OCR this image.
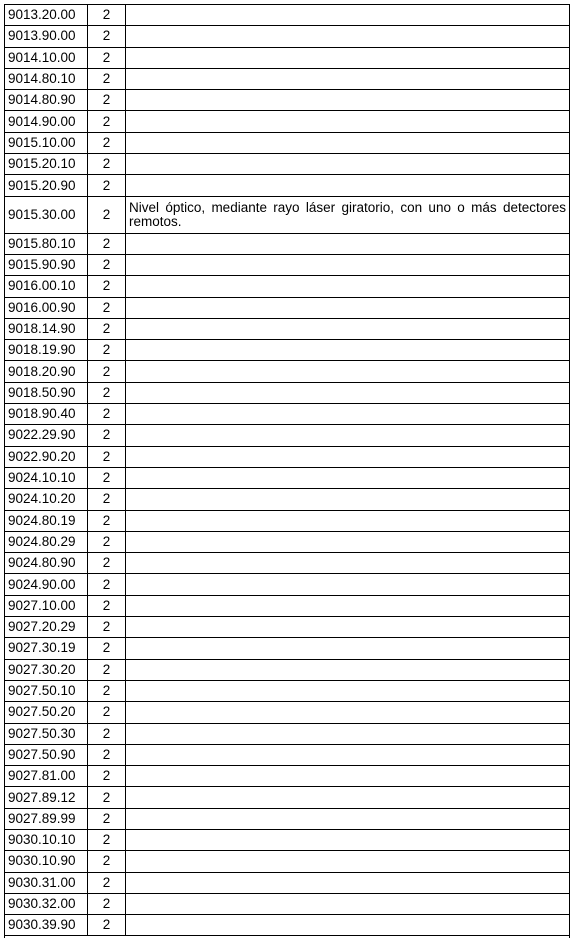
9013.20.00	2	
9013.90.00	2	
9014.10.00	2	
9014.80.10	2	
9014.80.90	2	
9014.90.00	2	
9015.10.00	2	
9015.20.10	2	
9015.20.90	2	
9015.30.00	2	Nivel óptico, mediante rayo láser giratorio, con uno o más detectores remotos.
9015.80.10	2	
9015.90.90	2	
9016.00.10	2	
9016.00.90	2	
9018.14.90	2	
9018.19.90	2	
9018.20.90	2	
9018.50.90	2	
9018.90.40	2	
9022.29.90	2	
9022.90.20	2	
9024.10.10	2	
9024.10.20	2	
9024.80.19	2	
9024.80.29	2	
9024.80.90	2	
9024.90.00	2	
9027.10.00	2	
9027.20.29	2	
9027.30.19	2	
9027.30.20	2	
9027.50.10	2	
9027.50.20	2	
9027.50.30	2	
9027.50.90	2	
9027.81.00	2	
9027.89.12	2	
9027.89.99	2	
9030.10.10	2	
9030.10.90	2	
9030.31.00	2	
9030.32.00	2	
9030.39.90	2	
